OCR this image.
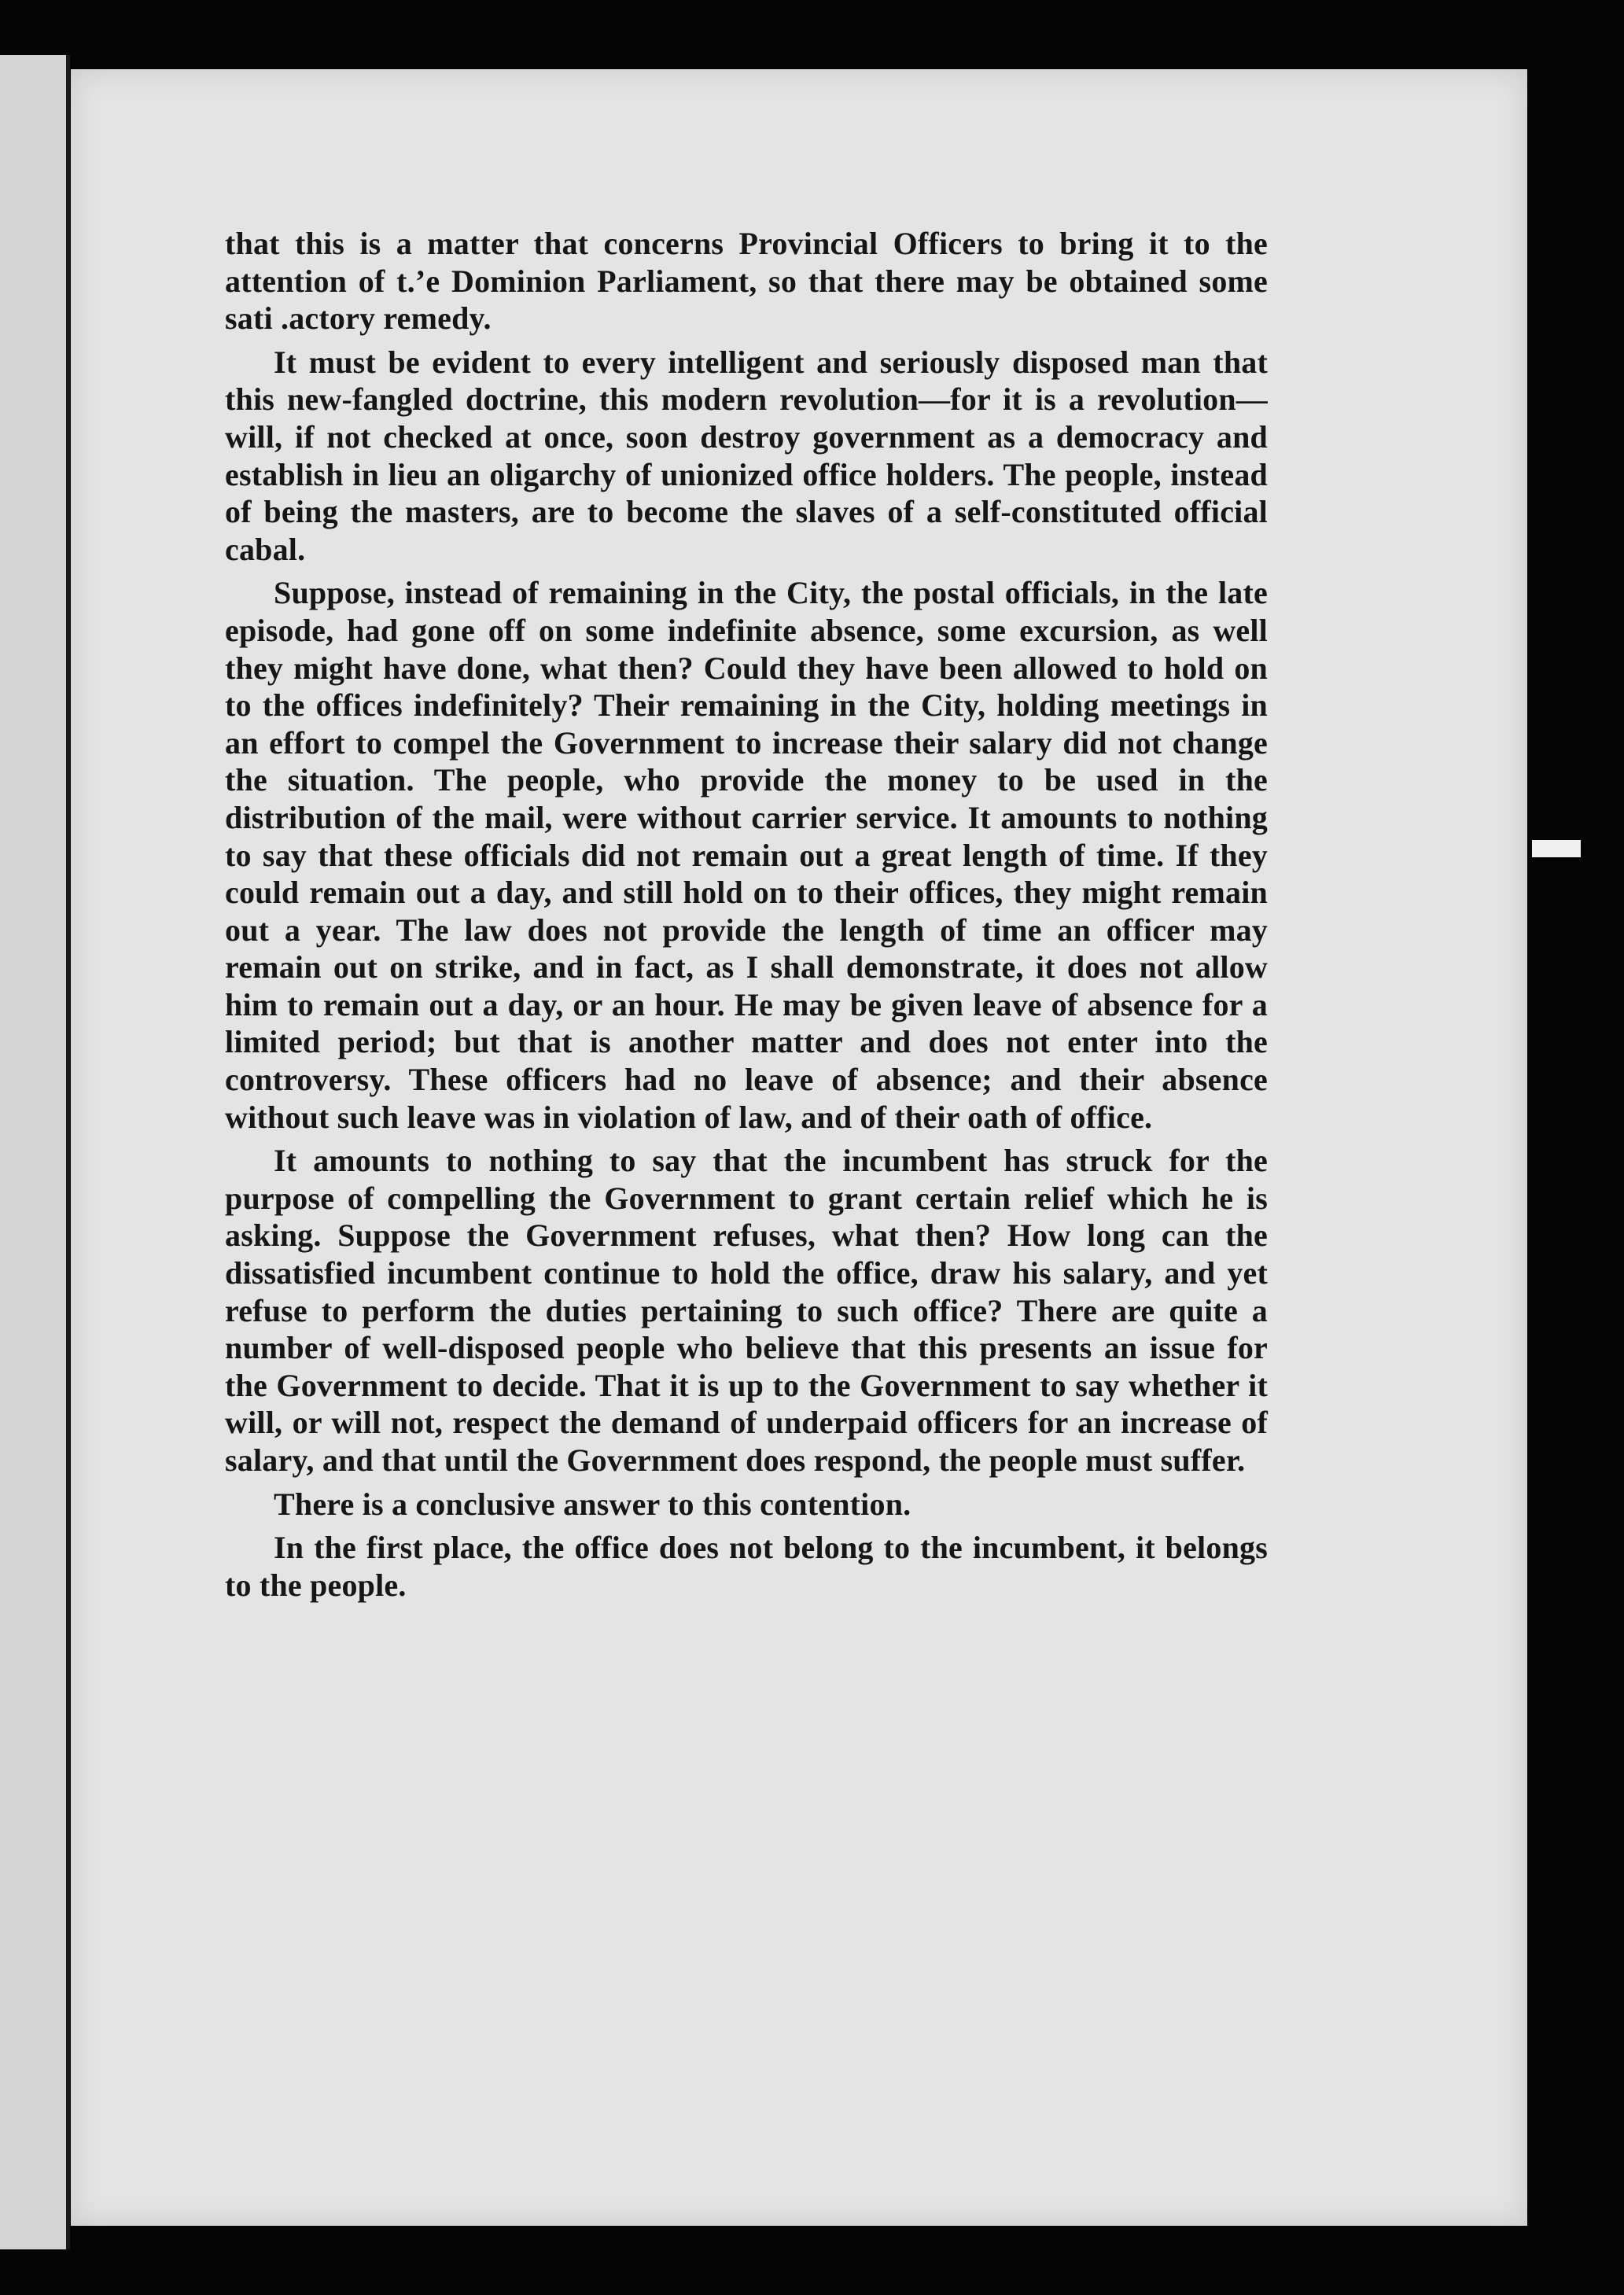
that this is a matter that concerns Provincial Officers to bring it to the attention of t.’e Dominion Parliament, so that there may be obtained some sati .actory remedy.

It must be evident to every intelligent and seriously disposed man that this new-fangled doctrine, this modern revolution—for it is a revolution—will, if not checked at once, soon destroy government as a democracy and establish in lieu an oligarchy of unionized office holders. The people, instead of being the masters, are to become the slaves of a self-constituted official cabal.

Suppose, instead of remaining in the City, the postal officials, in the late episode, had gone off on some indefinite absence, some excursion, as well they might have done, what then? Could they have been allowed to hold on to the offices indefinitely? Their remaining in the City, holding meetings in an effort to compel the Government to increase their salary did not change the situation. The people, who provide the money to be used in the distribution of the mail, were without carrier service. It amounts to nothing to say that these officials did not remain out a great length of time. If they could remain out a day, and still hold on to their offices, they might remain out a year. The law does not provide the length of time an officer may remain out on strike, and in fact, as I shall demonstrate, it does not allow him to remain out a day, or an hour. He may be given leave of absence for a limited period; but that is another matter and does not enter into the controversy. These officers had no leave of absence; and their absence without such leave was in violation of law, and of their oath of office.

It amounts to nothing to say that the incumbent has struck for the purpose of compelling the Government to grant certain relief which he is asking. Suppose the Government refuses, what then? How long can the dissatisfied incumbent continue to hold the office, draw his salary, and yet refuse to perform the duties pertaining to such office? There are quite a number of well-disposed people who believe that this presents an issue for the Government to decide. That it is up to the Government to say whether it will, or will not, respect the demand of underpaid officers for an increase of salary, and that until the Government does respond, the people must suffer.

There is a conclusive answer to this contention.

In the first place, the office does not belong to the incumbent, it belongs to the people.
